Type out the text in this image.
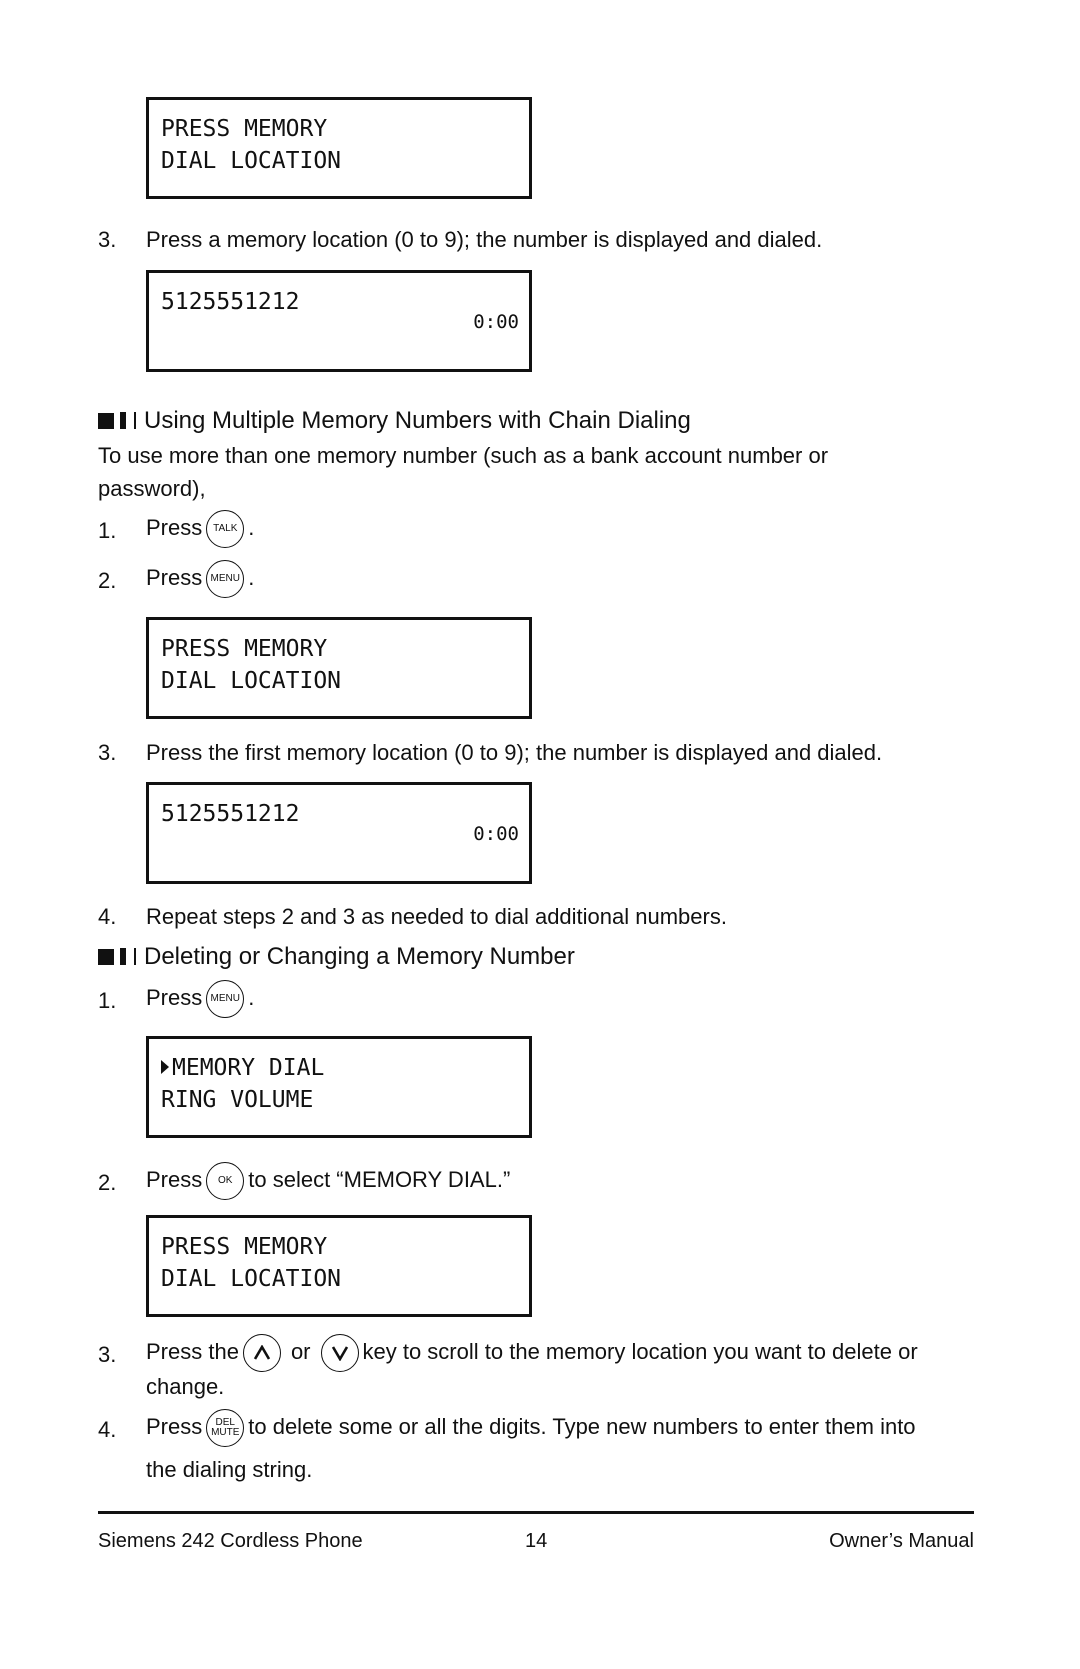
PRESS MEMORY
DIAL LOCATION
3. Press a memory location (0 to 9); the number is displayed and dialed.
5125551212
0:00
Using Multiple Memory Numbers with Chain Dialing
To use more than one memory number (such as a bank account number or password),
1. Press TALK .
2. Press MENU .
PRESS MEMORY
DIAL LOCATION
3. Press the first memory location (0 to 9); the number is displayed and dialed.
5125551212
0:00
4. Repeat steps 2 and 3 as needed to dial additional numbers.
Deleting or Changing a Memory Number
1. Press MENU .
MEMORY DIAL
RING VOLUME
2. Press OK to select “MEMORY DIAL.”
PRESS MEMORY
DIAL LOCATION
3. Press the or key to scroll to the memory location you want to delete or
change.
4. Press DEL
MUTE to delete some or all the digits. Type new numbers to enter them into
the dialing string.
Siemens 242 Cordless Phone	14	Owner’s Manual
